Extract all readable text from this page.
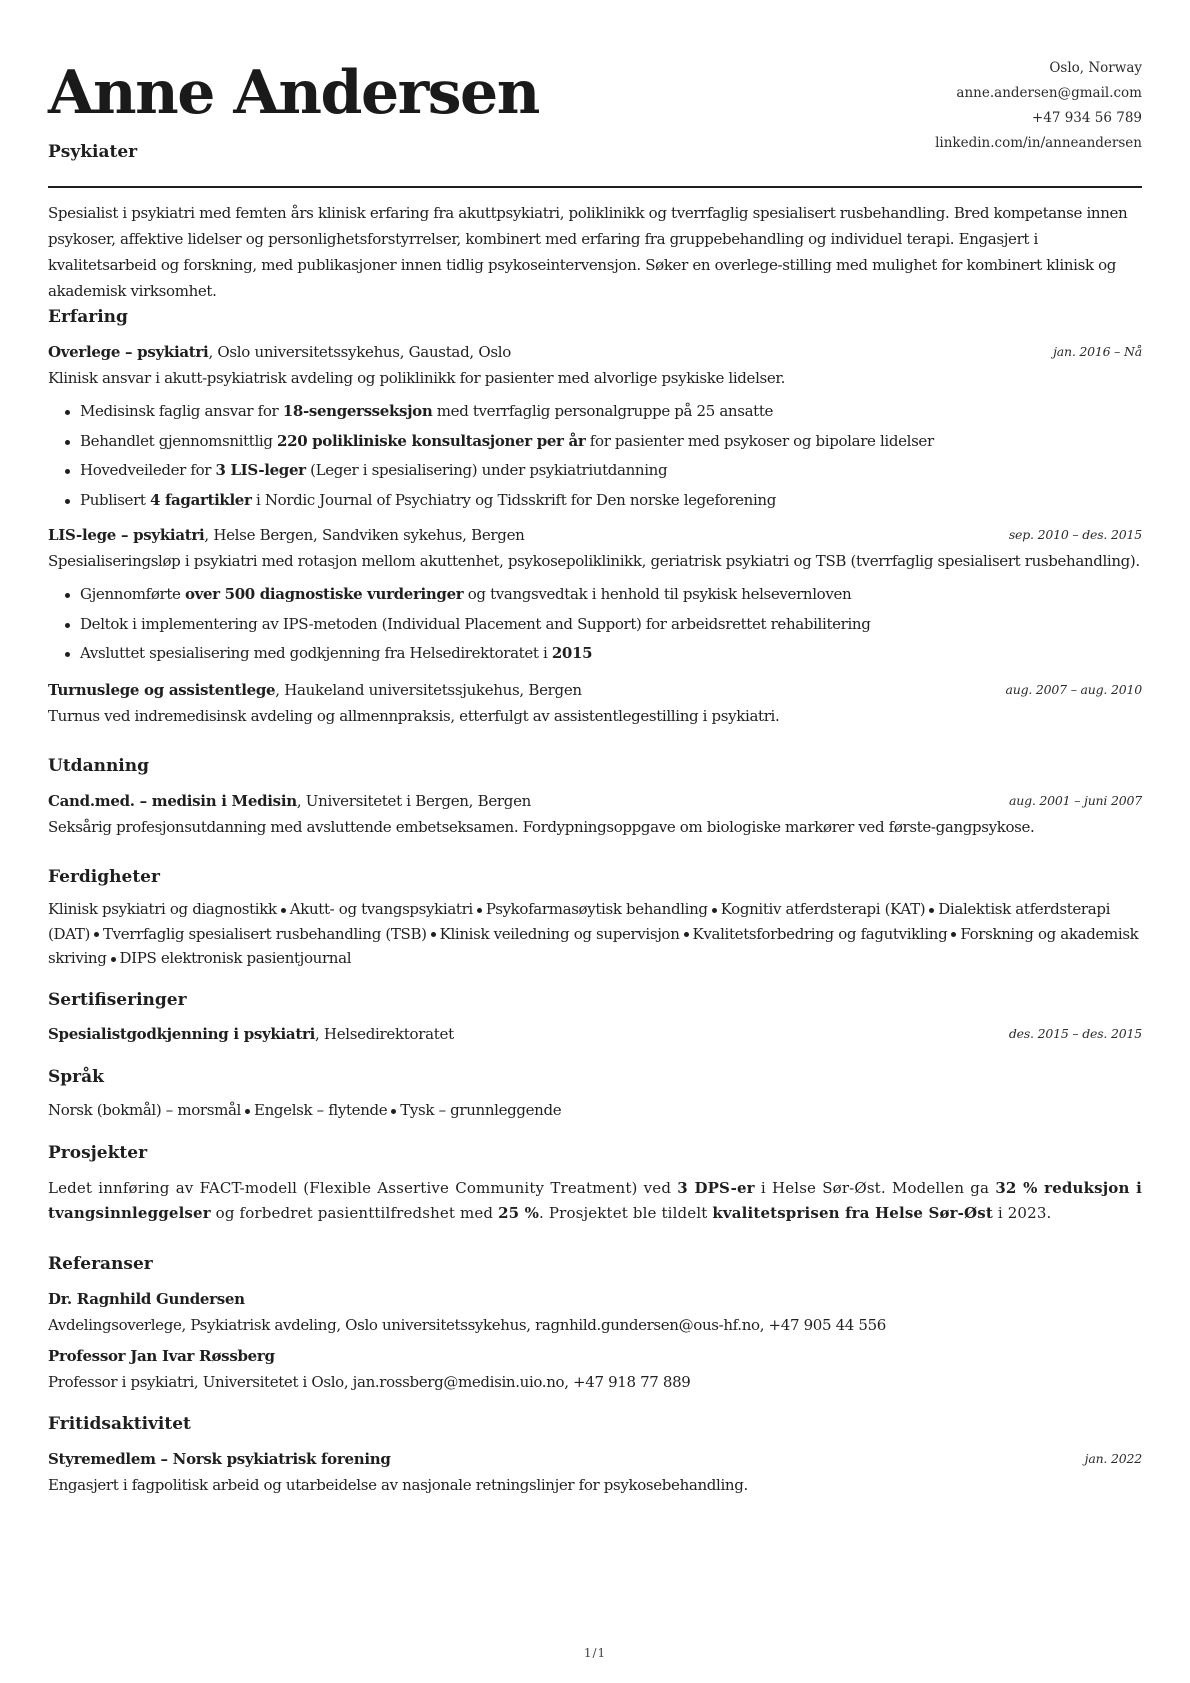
Anne Andersen
Psykiater
Oslo, Norway
anne.andersen@gmail.com
+47 934 56 789
linkedin.com/in/anneandersen

Spesialist i psykiatri med femten års klinisk erfaring fra akuttpsykiatri, poliklinikk og tverrfaglig spesialisert rusbehandling. Bred kompetanse innen psykoser, affektive lidelser og personlighetsforstyrrelser, kombinert med erfaring fra gruppebehandling og individuel terapi. Engasjert i kvalitetsarbeid og forskning, med publikasjoner innen tidlig psykoseintervensjon. Søker en overlege-stilling med mulighet for kombinert klinisk og akademisk virksomhet.

Erfaring
Overlege – psykiatri, Oslo universitetssykehus, Gaustad, Oslo	jan. 2016 – Nå
Klinisk ansvar i akutt-psykiatrisk avdeling og poliklinikk for pasienter med alvorlige psykiske lidelser.
Medisinsk faglig ansvar for 18-sengersseksjon med tverrfaglig personalgruppe på 25 ansatte
Behandlet gjennomsnittlig 220 polikliniske konsultasjoner per år for pasienter med psykoser og bipolare lidelser
Hovedveileder for 3 LIS-leger (Leger i spesialisering) under psykiatriutdanning
Publisert 4 fagartikler i Nordic Journal of Psychiatry og Tidsskrift for Den norske legeforening
LIS-lege – psykiatri, Helse Bergen, Sandviken sykehus, Bergen	sep. 2010 – des. 2015
Spesialiseringsløp i psykiatri med rotasjon mellom akuttenhet, psykosepoliklinikk, geriatrisk psykiatri og TSB (tverrfaglig spesialisert rusbehandling).
Gjennomførte over 500 diagnostiske vurderinger og tvangsvedtak i henhold til psykisk helsevernloven
Deltok i implementering av IPS-metoden (Individual Placement and Support) for arbeidsrettet rehabilitering
Avsluttet spesialisering med godkjenning fra Helsedirektoratet i 2015
Turnuslege og assistentlege, Haukeland universitetssjukehus, Bergen	aug. 2007 – aug. 2010
Turnus ved indremedisinsk avdeling og allmennpraksis, etterfulgt av assistentlegestilling i psykiatri.
Utdanning
Cand.med. – medisin i Medisin, Universitetet i Bergen, Bergen	aug. 2001 – juni 2007
Seksårig profesjonsutdanning med avsluttende embetseksamen. Fordypningsoppgave om biologiske markører ved første-gangpsykose.
Ferdigheter
Klinisk psykiatri og diagnostikk Akutt- og tvangspsykiatri Psykofarmasøytisk behandling Kognitiv atferdsterapi (KAT) Dialektisk atferdsterapi (DAT) Tverrfaglig spesialisert rusbehandling (TSB) Klinisk veiledning og supervisjon Kvalitetsforbedring og fagutvikling Forskning og akademisk skriving DIPS elektronisk pasientjournal
Sertifiseringer
Spesialistgodkjenning i psykiatri, Helsedirektoratet	des. 2015 – des. 2015
Språk
Norsk (bokmål) – morsmål Engelsk – flytende Tysk – grunnleggende
Prosjekter
Ledet innføring av FACT-modell (Flexible Assertive Community Treatment) ved 3 DPS-er i Helse Sør-Øst. Modellen ga 32 % reduksjon i tvangsinnleggelser og forbedret pasienttilfredshet med 25 %. Prosjektet ble tildelt kvalitetsprisen fra Helse Sør-Øst i 2023.
Referanser
Dr. Ragnhild Gundersen
Avdelingsoverlege, Psykiatrisk avdeling, Oslo universitetssykehus, ragnhild.gundersen@ous-hf.no, +47 905 44 556
Professor Jan Ivar Røssberg
Professor i psykiatri, Universitetet i Oslo, jan.rossberg@medisin.uio.no, +47 918 77 889
Fritidsaktivitet
Styremedlem – Norsk psykiatrisk forening	jan. 2022
Engasjert i fagpolitisk arbeid og utarbeidelse av nasjonale retningslinjer for psykosebehandling.
1/1
